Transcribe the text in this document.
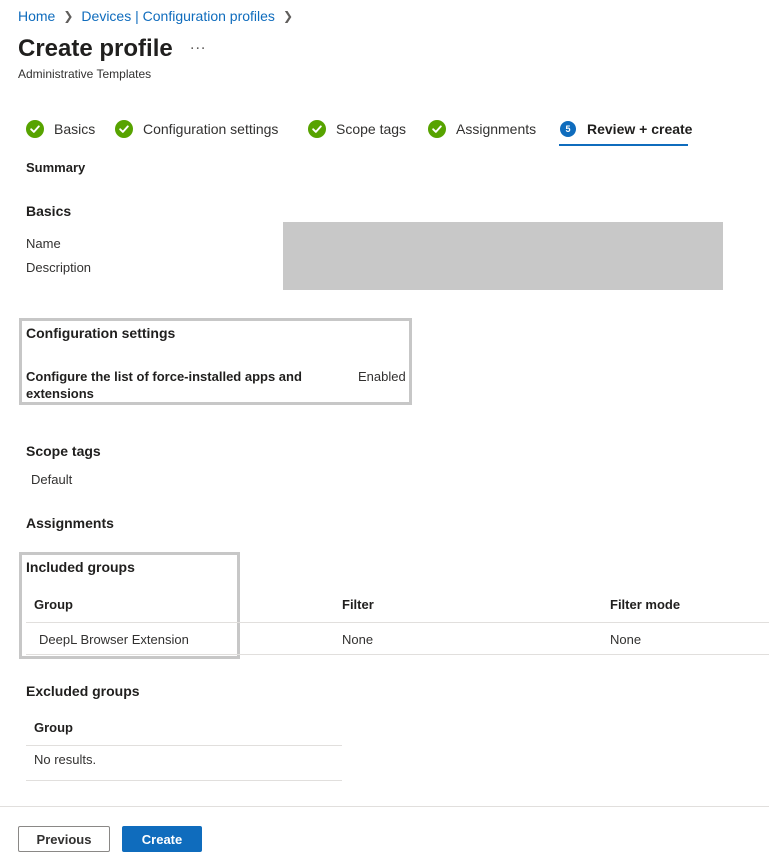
Home ❯ Devices | Configuration profiles ❯
Create profile ...
Administrative Templates
Basics	Configuration settings	Scope tags	Assignments	5	Review + create
Summary
Basics
Name
Description
Configuration settings
Configure the list of force-installed apps and extensions
Enabled
Scope tags
Default
Assignments
Included groups
Group	Filter	Filter mode
DeepL Browser Extension	None	None
Excluded groups
Group
No results.
Previous	Create
